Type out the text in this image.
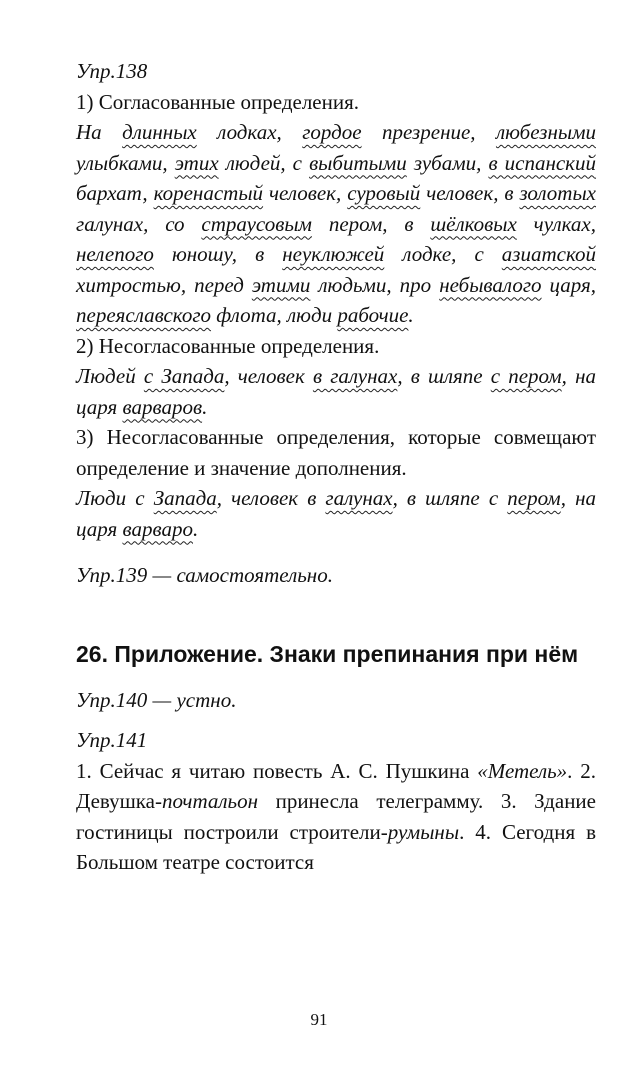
Упр.138

1) Согласованные определения.

На длинных лодках, гордое презрение, любезными улыбками, этих людей, с выбитыми зубами, в испанский бархат, коренастый человек, суровый человек, в золотых галунах, со страусовым пером, в шёлковых чулках, нелепого юношу, в неуклюжей лодке, с азиатской хитростью, перед этими людьми, про небывалого царя, переяславского флота, люди рабочие.

2) Несогласованные определения.

Людей с Запада, человек в галунах, в шляпе с пером, на царя варваров.

3) Несогласованные определения, которые совмещают определение и значение дополнения.

Люди с Запада, человек в галунах, в шляпе с пером, на царя варваро.

Упр.139 — самостоятельно.

26. Приложение. Знаки препинания при нём

Упр.140 — устно.

Упр.141

1. Сейчас я читаю повесть А. С. Пушкина «Метель». 2. Девушка-почтальон принесла телеграмму. 3. Здание гостиницы построили строители-румыны. 4. Сегодня в Большом театре состоится

91
